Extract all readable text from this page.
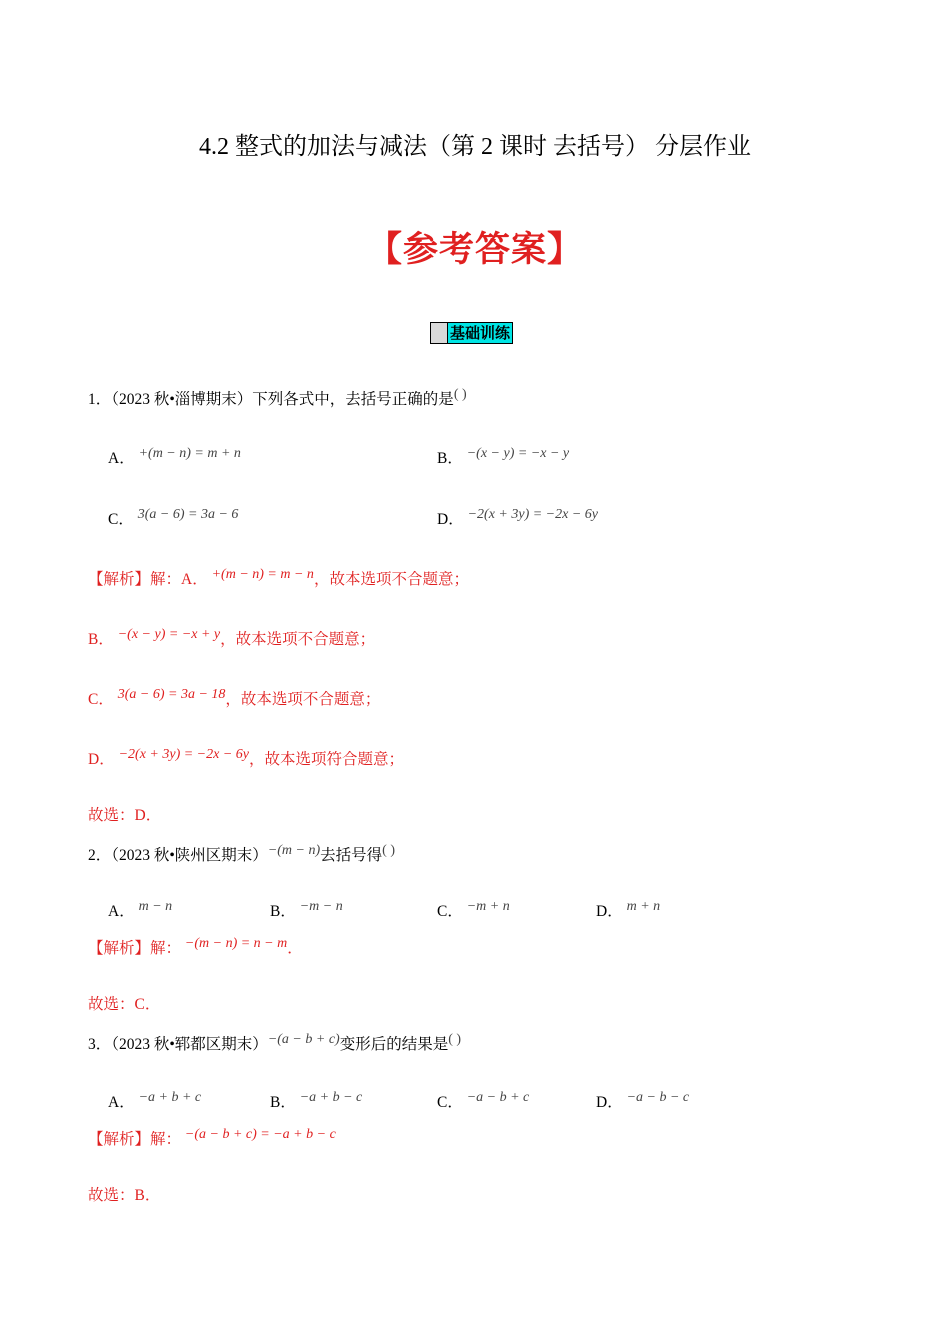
4.2 整式的加法与减法（第 2 课时 去括号） 分层作业
【参考答案】
基础训练
1．（2023 秋•淄博期末）下列各式中，去括号正确的是( )
A． +(m − n) = m + n	B． −(x − y) = −x − y
C． 3(a − 6) = 3a − 6	D． −2(x + 3y) = −2x − 6y
【解析】解：A． +(m − n) = m − n，故本选项不合题意；
B． −(x − y) = −x + y，故本选项不合题意；
C． 3(a − 6) = 3a − 18，故本选项不合题意；
D． −2(x + 3y) = −2x − 6y，故本选项符合题意；
故选：D．
2．（2023 秋•陕州区期末）−(m − n)去括号得( )
A． m − n	B． −m − n	C． −m + n	D． m + n
【解析】解： −(m − n) = n − m．
故选：C．
3．（2023 秋•郓都区期末）−(a − b + c)变形后的结果是( )
A． −a + b + c	B． −a + b − c	C． −a − b + c	D． −a − b − c
【解析】解： −(a − b + c) = −a + b − c
故选：B．
